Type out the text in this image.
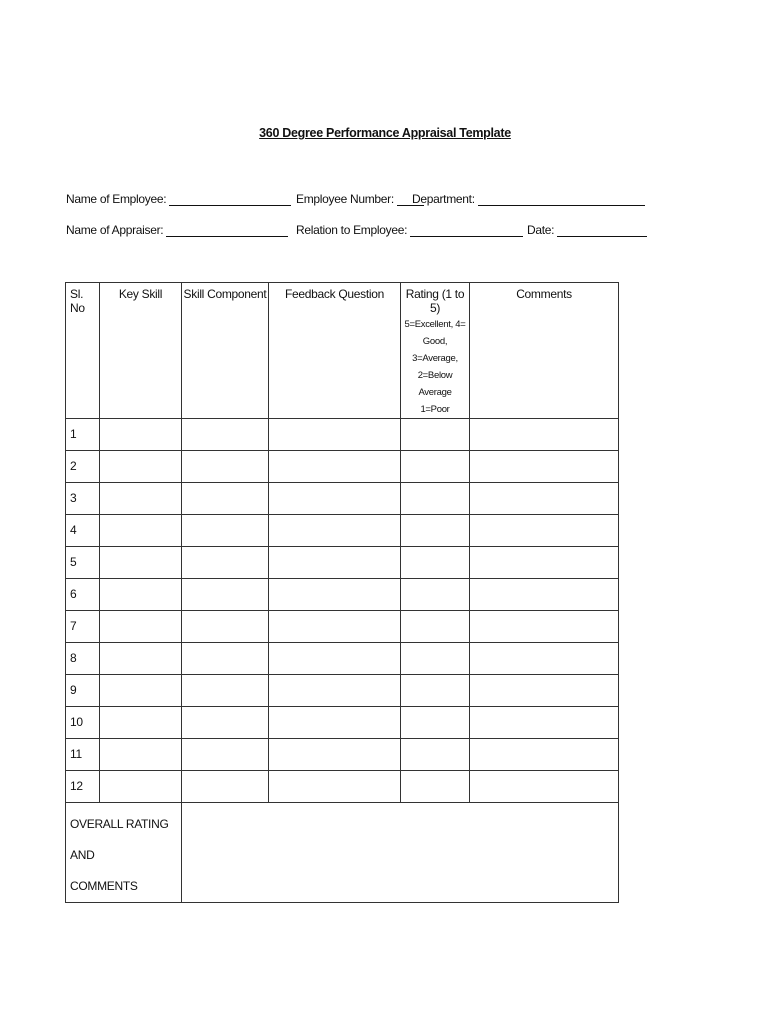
360 Degree Performance Appraisal Template
Name of Employee:	Employee Number: Department:
Name of Appraiser:	Relation to Employee:	Date:
Sl. No	Key Skill	Skill Component	Feedback Question	Rating (1 to 5)
5=Excellent, 4=
Good, 3=Average,
2=Below Average
1=Poor	Comments
1					
2					
3					
4					
5					
6					
7					
8					
9					
10					
11					
12					

OVERALL RATING AND
COMMENTS					
